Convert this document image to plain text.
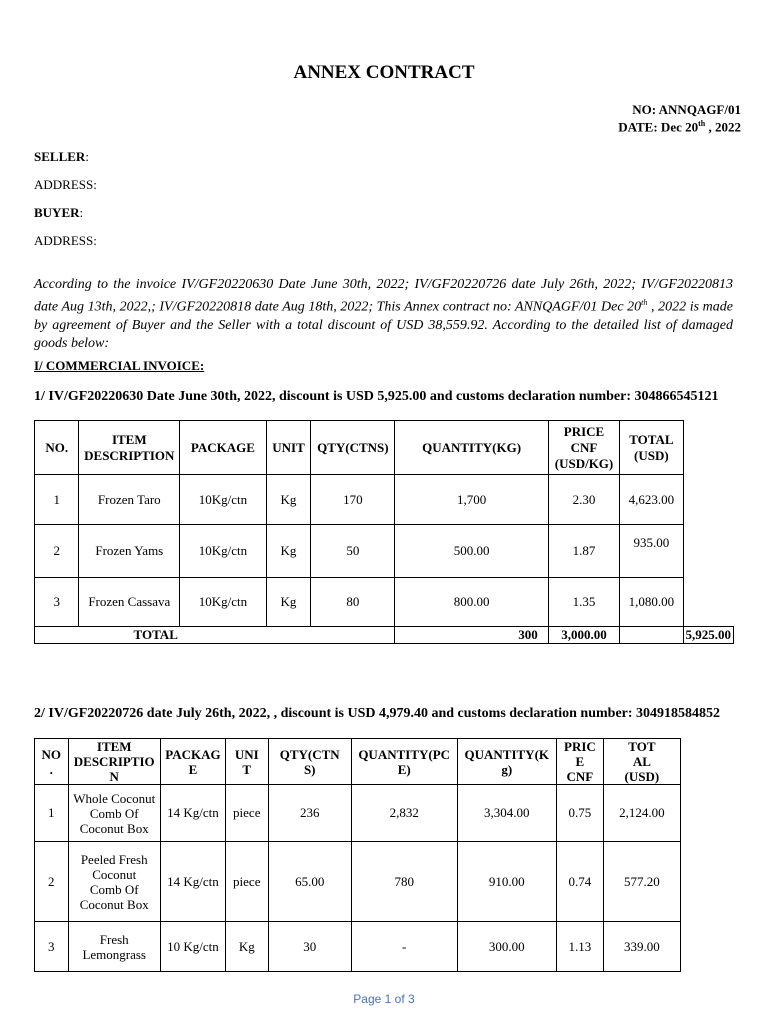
ANNEX CONTRACT
NO: ANNQAGF/01
DATE: Dec 20th , 2022
SELLER:
ADDRESS:
BUYER:
ADDRESS:
According to the invoice IV/GF20220630 Date June 30th, 2022; IV/GF20220726 date July 26th, 2022; IV/GF20220813 date Aug 13th, 2022,; IV/GF20220818 date Aug 18th, 2022; This Annex contract no: ANNQAGF/01 Dec 20th , 2022 is made by agreement of Buyer and the Seller with a total discount of USD 38,559.92. According to the detailed list of damaged goods below:
I/ COMMERCIAL INVOICE:
1/ IV/GF20220630 Date June 30th, 2022, discount is USD 5,925.00 and customs declaration number: 304866545121
NO.	ITEM
DESCRIPTION	PACKAGE	UNIT	QTY(CTNS)	QUANTITY(KG)	PRICE
CNF
(USD/KG)	TOTAL
(USD)	
1	Frozen Taro	10Kg/ctn	Kg	170	1,700	2.30	4,623.00	
2	Frozen Yams	10Kg/ctn	Kg	50	500.00	1.87	935.00	
3	Frozen Cassava	10Kg/ctn	Kg	80	800.00	1.35	1,080.00	
TOTAL					300	3,000.00		5,925.00
2/ IV/GF20220726 date July 26th, 2022, , discount is USD 4,979.40 and customs declaration number: 304918584852
NO
.	ITEM
DESCRIPTIO
N	PACKAG
E	UNI
T	QTY(CTN
S)	QUANTITY(PC
E)	QUANTITY(K
g)	PRIC
E
CNF	TOT
AL
(USD)
1	Whole Coconut
Comb Of
Coconut Box	14 Kg/ctn	piece	236	2,832	3,304.00	0.75	2,124.00
2	Peeled Fresh
Coconut
Comb Of
Coconut Box	14 Kg/ctn	piece	65.00	780	910.00	0.74	577.20
3	Fresh
Lemongrass	10 Kg/ctn	Kg	30	-	300.00	1.13	339.00
Page 1 of 3
